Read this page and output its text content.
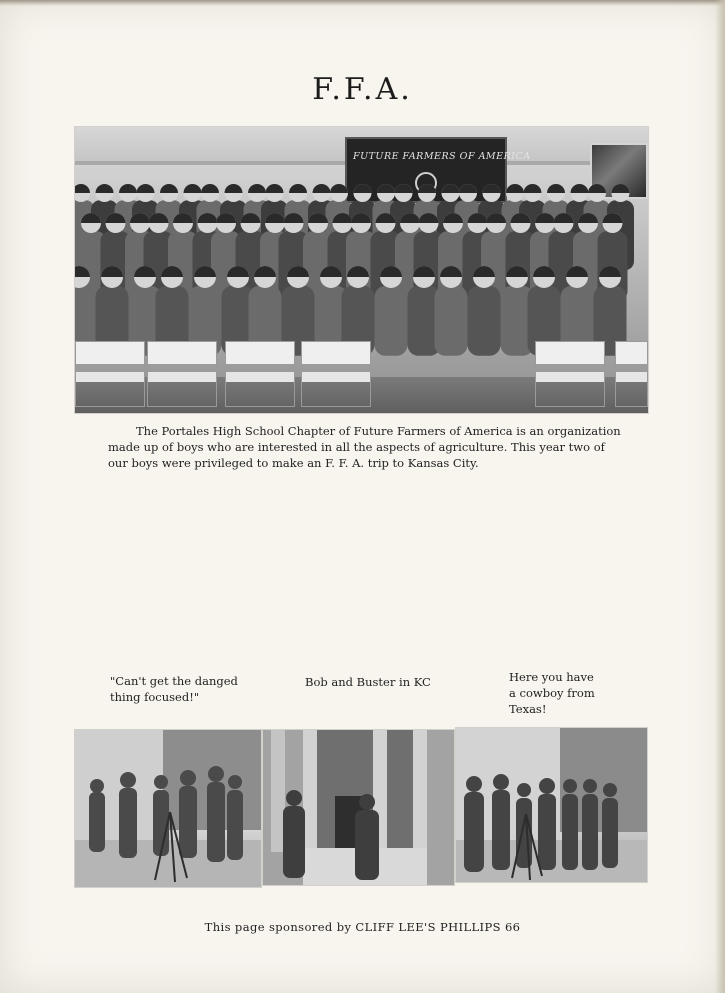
F.F.A.
FUTURE FARMERS OF AMERICA

The Portales High School Chapter of Future Farmers of America is an organization
made up of boys who are interested in all the aspects of agriculture. This year two of
our boys were privileged to make an F. F. A. trip to Kansas City.

"Can't get the danged
thing focused!"

Bob and Buster in KC	Here you have
a cowboy from
Texas!

This page sponsored by CLIFF LEE'S PHILLIPS 66
